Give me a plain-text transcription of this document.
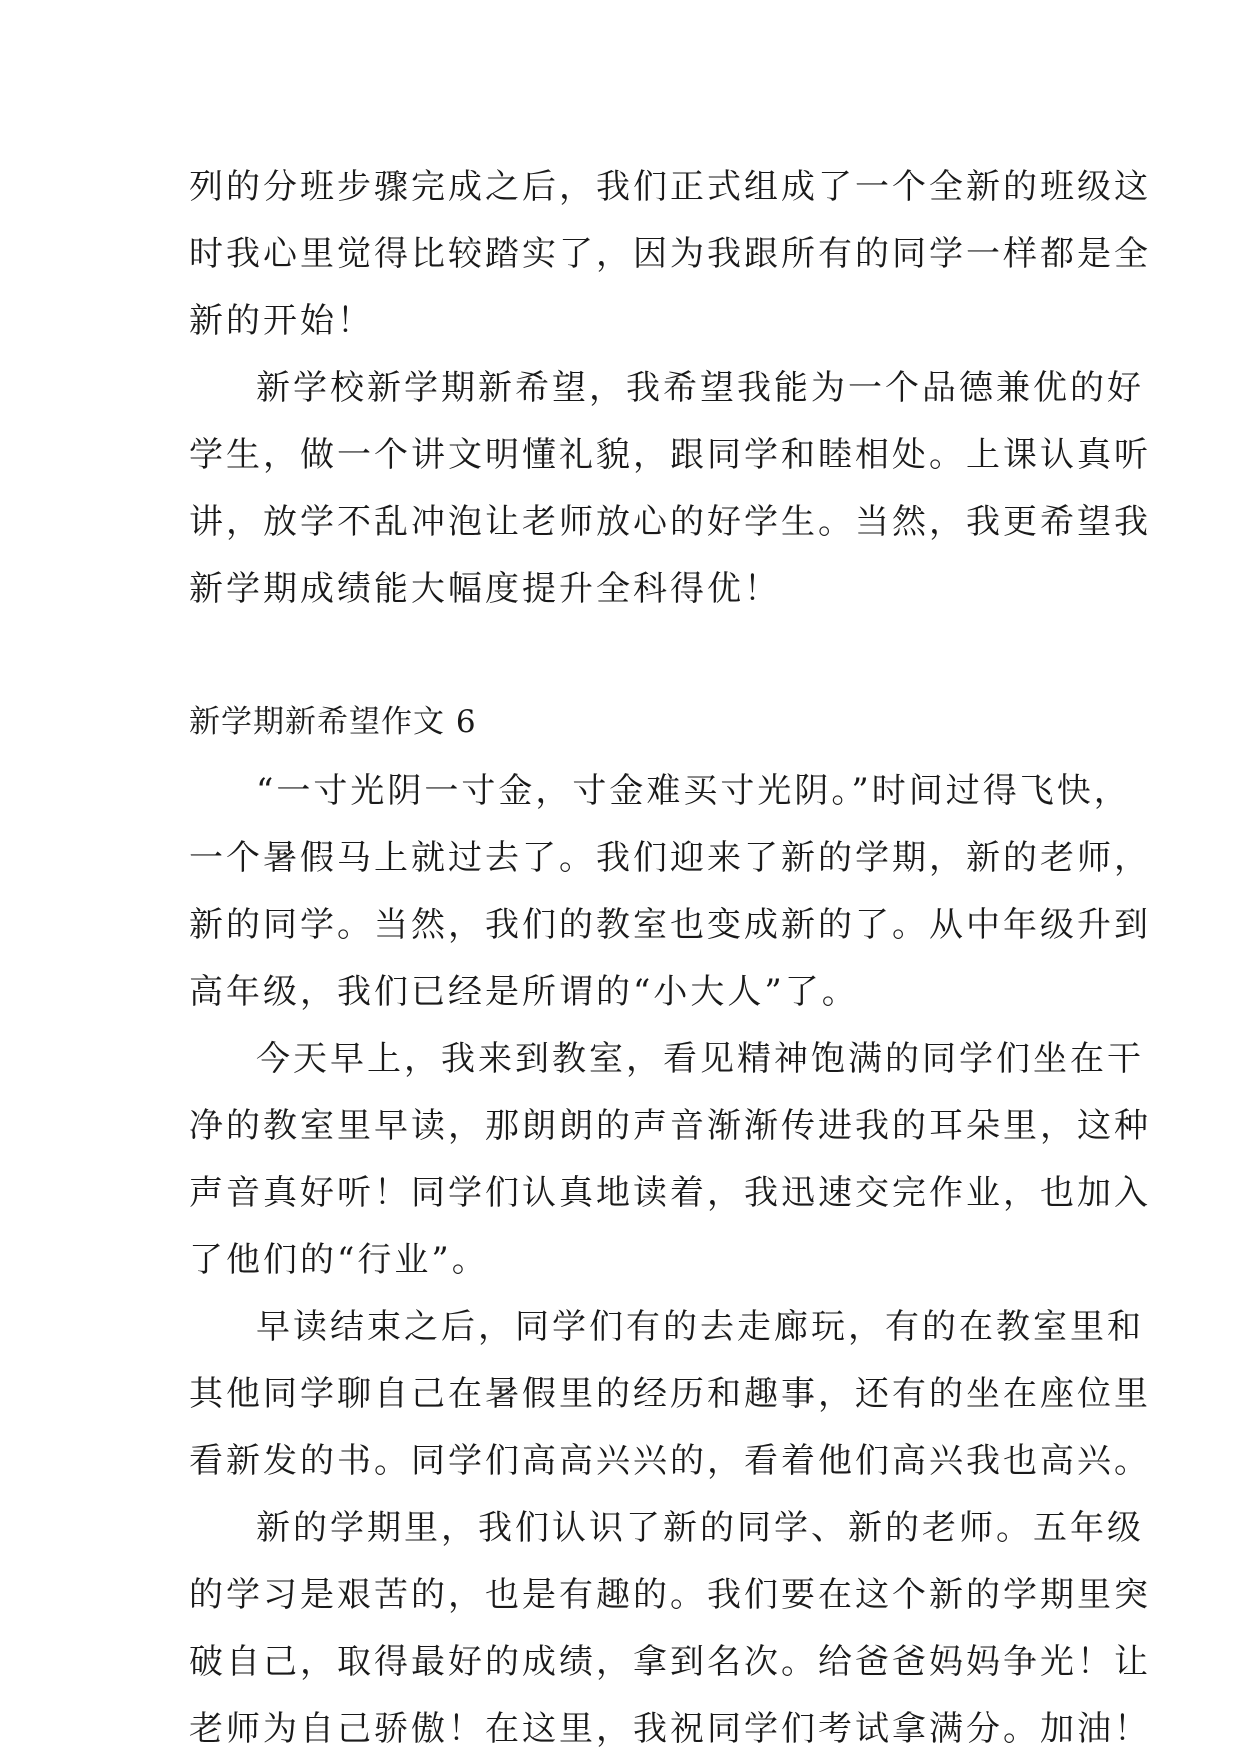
列的分班步骤完成之后，我们正式组成了一个全新的班级这
时我心里觉得比较踏实了，因为我跟所有的同学一样都是全
新的开始！
新学校新学期新希望，我希望我能为一个品德兼优的好
学生，做一个讲文明懂礼貌，跟同学和睦相处。上课认真听
讲，放学不乱冲泡让老师放心的好学生。当然，我更希望我
新学期成绩能大幅度提升全科得优！
新学期新希望作文 6
“一寸光阴一寸金，寸金难买寸光阴。”时间过得飞快，
一个暑假马上就过去了。我们迎来了新的学期，新的老师，
新的同学。当然，我们的教室也变成新的了。从中年级升到
高年级，我们已经是所谓的“小大人”了。
今天早上，我来到教室，看见精神饱满的同学们坐在干
净的教室里早读，那朗朗的声音渐渐传进我的耳朵里，这种
声音真好听！同学们认真地读着，我迅速交完作业，也加入
了他们的“行业”。
早读结束之后，同学们有的去走廊玩，有的在教室里和
其他同学聊自己在暑假里的经历和趣事，还有的坐在座位里
看新发的书。同学们高高兴兴的，看着他们高兴我也高兴。
新的学期里，我们认识了新的同学、新的老师。五年级
的学习是艰苦的，也是有趣的。我们要在这个新的学期里突
破自己，取得最好的成绩，拿到名次。给爸爸妈妈争光！让
老师为自己骄傲！在这里，我祝同学们考试拿满分。加油！
